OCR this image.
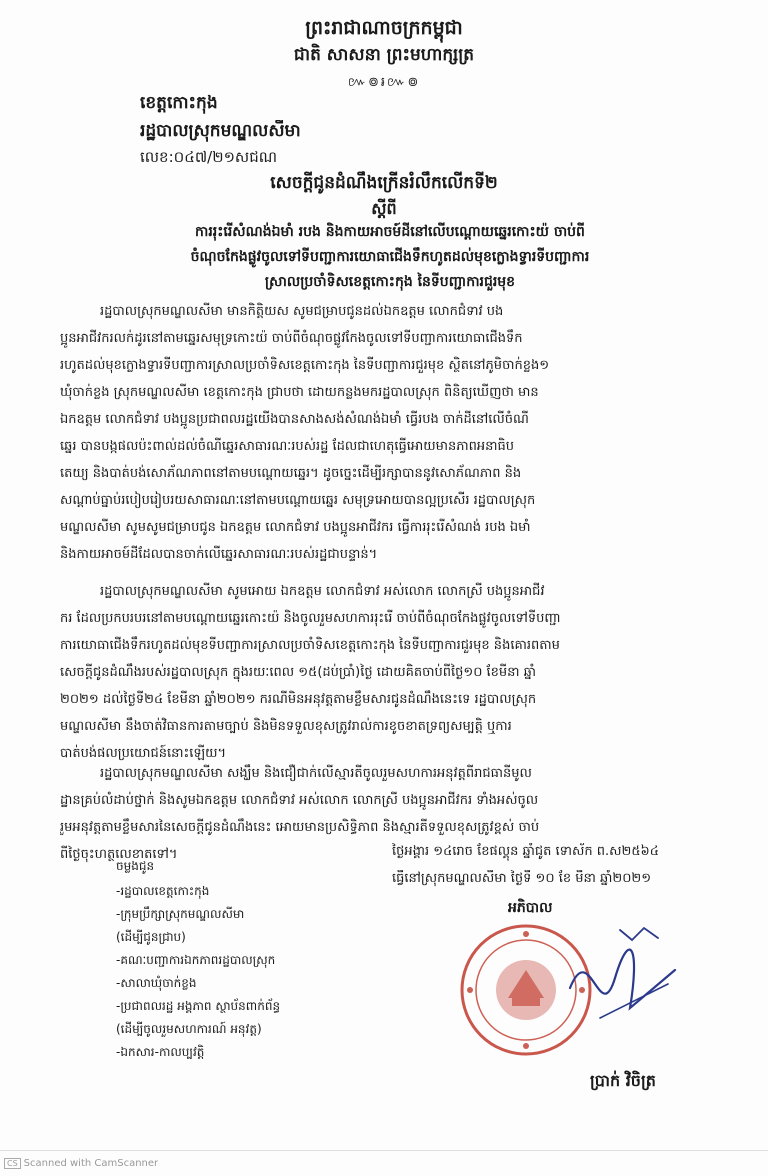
ព្រះរាជាណាចក្រកម្ពុជា
ជាតិ សាសនា ព្រះមហាក្សត្រ
៚៙៛៚៙
ខេត្តកោះកុង
រដ្ឋបាលស្រុកមណ្ឌលសីមា
លេខ:០៤៧/២១សជណ
សេចក្តីជូនដំណឹងក្រើនរំលឹកលើកទី២
ស្តីពី
ការរុះរើសំណង់ឯមាំ របង និងកាយអាចម៍ដីនៅលើបណ្តោយឆ្នេរកោះយ៉ ចាប់ពី
ចំណុចកែងផ្លូវចូលទៅទីបញ្ជាការយោធាជើងទឹកហូតដល់មុខក្លោងទ្វារទីបញ្ជាការ
ស្រាលប្រចាំទិសខេត្តកោះកុង នៃទីបញ្ជាការជួរមុខ
រដ្ឋបាលស្រុកមណ្ឌលសីមា មានកិត្តិយស សូមជម្រាបជូនដល់ឯកឧត្តម លោកជំទាវ បង
ប្អូនអាជីវករលក់ដូរនៅតាមឆ្នេរសមុទ្រកោះយ៉ ចាប់ពីចំណុចផ្លូវកែងចូលទៅទីបញ្ជាការយោធាជើងទឹក
រហូតដល់មុខក្លោងទ្វារទីបញ្ជាការស្រាលប្រចាំទិសខេត្តកោះកុង នៃទីបញ្ជាការជួរមុខ ស្ថិតនៅភូមិចាក់ខ្លង១
ឃុំចាក់ខ្លង ស្រុកមណ្ឌលសីមា ខេត្តកោះកុង ជ្រាបថា ដោយកន្លងមករដ្ឋបាលស្រុក ពិនិត្យឃើញថា មាន
ឯកឧត្តម លោកជំទាវ បងប្អូនប្រជាពលរដ្ឋយើងបានសាងសង់សំណង់ឯមាំ ធ្វើរបង ចាក់ដីនៅលើចំណី
ឆ្នេរ បានបង្កផលប៉ះពាល់ដល់ចំណីឆ្នេរសាធារណៈរបស់រដ្ឋ ដែលជាហេតុធ្វើអោយមានភាពអនាធិប
តេយ្យ និងបាត់បង់សោភ័ណភាពនៅតាមបណ្តោយឆ្នេរ។ ដូចច្នេះដើម្បីរក្សាបាននូវសោភ័ណភាព និង
សណ្តាប់ធ្នាប់របៀបរៀបរយសាធារណៈនៅតាមបណ្តោយឆ្នេរ សមុទ្រអោយបានល្អប្រសើរ រដ្ឋបាលស្រុក
មណ្ឌលសីមា សូមសូមជម្រាបជូន ឯកឧត្តម លោកជំទាវ បងប្អូនអាជីវករ ធ្វើការរុះរើសំណង់ របង ឯមាំ
និងកាយអាចម៍ដីដែលបានចាក់លើឆ្នេរសាធារណៈរបស់រដ្ឋជាបន្ទាន់។
រដ្ឋបាលស្រុកមណ្ឌលសីមា សូមអោយ ឯកឧត្តម លោកជំទាវ អស់លោក លោកស្រី បងប្អូនអាជីវ
ករ ដែលប្រកបរបរនៅតាមបណ្តោយឆ្នេរកោះយ៉ និងចូលរួមសហការរុះរើ ចាប់ពីចំណុចកែងផ្លូវចូលទៅទីបញ្ជា
ការយោធាជើងទឹករហូតដល់មុខទីបញ្ជាការស្រាលប្រចាំទិសខេត្តកោះកុង នៃទីបញ្ជាការជួរមុខ និងគោរពតាម
សេចក្តីជូនដំណឹងរបស់រដ្ឋបាលស្រុក ក្នុងរយៈពេល ១៥(ដប់ប្រាំ)ថ្ងៃ ដោយគិតចាប់ពីថ្ងៃ១០ ខែមីនា ឆ្នាំ
២០២១ ដល់ថ្ងៃទី២៤ ខែមីនា ឆ្នាំ២០២១ ករណីមិនអនុវត្តតាមខ្លឹមសារជូនដំណឹងនេះទេ រដ្ឋបាលស្រុក
មណ្ឌលសីមា នឹងចាត់វិធានការតាមច្បាប់ និងមិនទទួលខុសត្រូវរាល់ការខូចខាតទ្រព្យសម្បត្តិ ឬការ
បាត់បង់ផលប្រយោជន៍នោះឡើយ។
រដ្ឋបាលស្រុកមណ្ឌលសីមា សង្ឃឹម និងជឿជាក់លើស្មារតីចូលរួមសហការអនុវត្តពីរាជធានីមូល
ដ្ឋានគ្រប់លំដាប់ថ្នាក់ និងសូមឯកឧត្តម លោកជំទាវ អស់លោក លោកស្រី បងប្អូនអាជីវករ ទាំងអស់ចូល
រួមអនុវត្តតាមខ្លឹមសារនៃសេចក្តីជូនដំណឹងនេះ អោយមានប្រសិទ្ធិភាព និងស្មារតីទទួលខុសត្រូវខ្ពស់ ចាប់
ពីថ្ងៃចុះហត្ថលេខាតទៅ។	ថ្ងៃអង្គារ ១៤រោច ខែផល្គុន ឆ្នាំជូត ទោស័ក ព.ស២៥៦៤
ធ្វើនៅស្រុកមណ្ឌលសីមា ថ្ងៃទី ១០ ខែ មីនា ឆ្នាំ២០២១
អភិបាល
ចម្លងជូន
-រដ្ឋបាលខេត្តកោះកុង
-ក្រុមប្រឹក្សាស្រុកមណ្ឌលសីមា
(ដើម្បីជូនជ្រាប)
-គណៈបញ្ជាការឯកភាពរដ្ឋបាលស្រុក
-សាលាឃុំចាក់ខ្លង
-ប្រជាពលរដ្ឋ អង្គភាព ស្ថាប័នពាក់ព័ន្ធ
(ដើម្បីចូលរួមសហការណ៍ អនុវត្ត)
-ឯកសារ-កាលប្បវត្តិ
ប្រាក់ វិចិត្រ
CS Scanned with CamScanner
